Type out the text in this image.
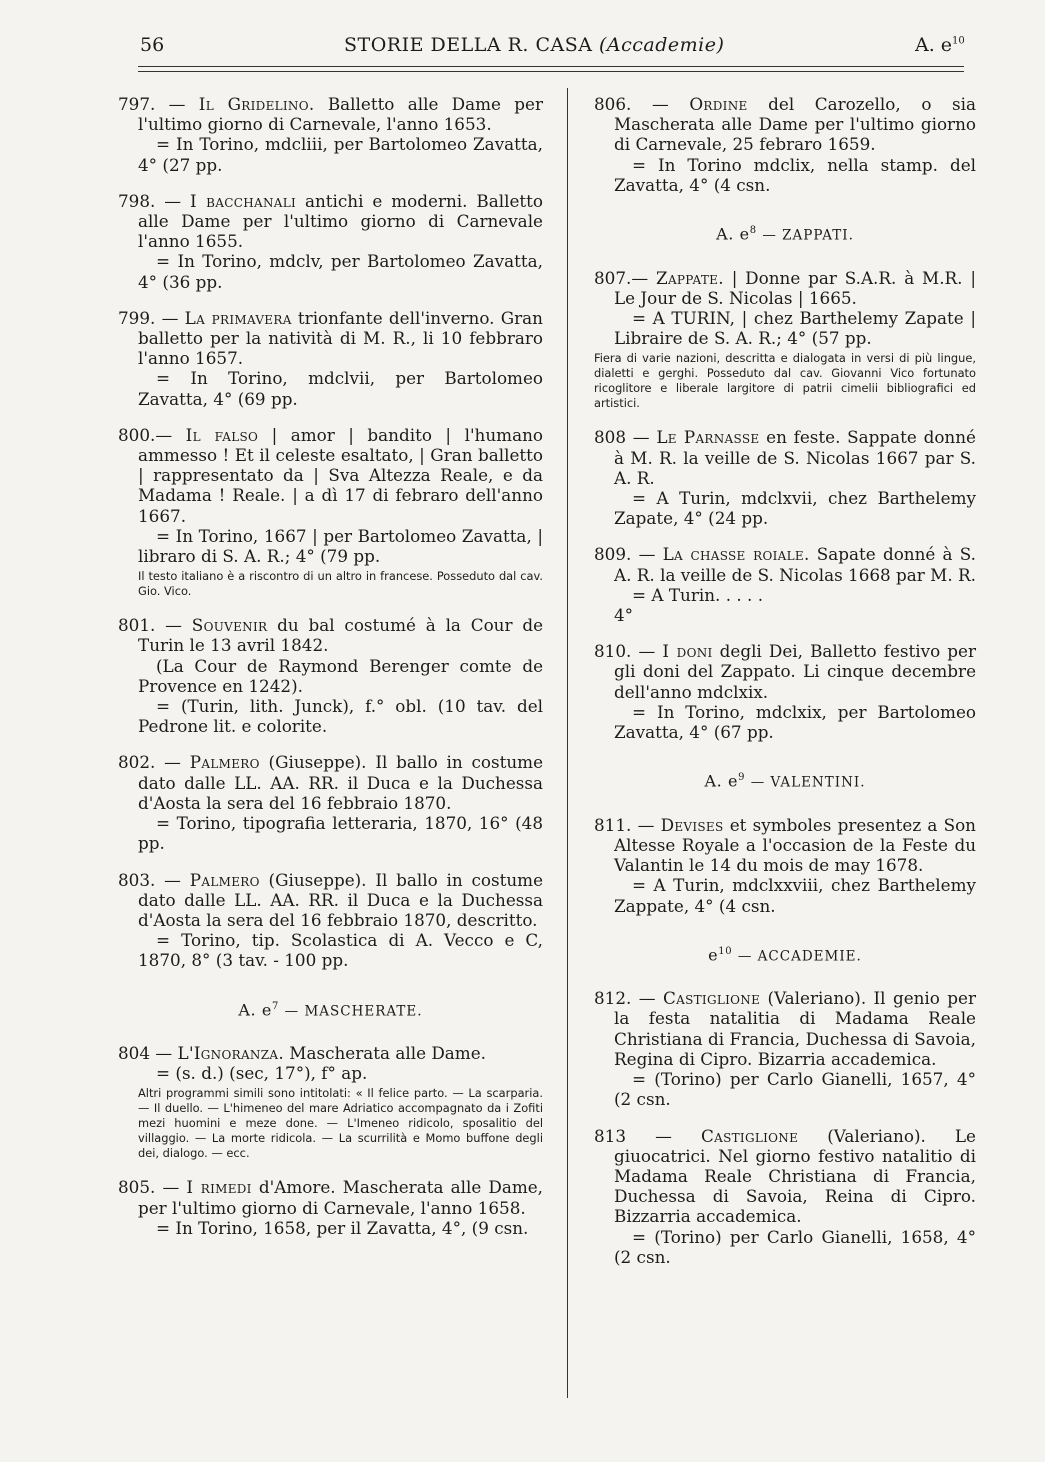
56	STORIE DELLA R. CASA (Accademie)	A. $e^{10}$
797. — Il Gridelino. Balletto alle Dame per l'ultimo giorno di Carnevale, l'anno 1653.
= In Torino, mdcliii, per Bartolomeo Zavatta, 4° (27 pp.
798. — I bacchanali antichi e moderni. Balletto alle Dame per l'ultimo giorno di Carnevale l'anno 1655.
= In Torino, mdclv, per Bartolomeo Zavatta, 4° (36 pp.
799. — La primavera trionfante dell'inverno. Gran balletto per la natività di M. R., li 10 febbraro l'anno 1657.
= In Torino, mdclvii, per Bartolomeo Zavatta, 4° (69 pp.
800.— Il falso | amor | bandito | l'humano ammesso ! Et il celeste esaltato, | Gran balletto | rappresentato da | Sva Altezza Reale, e da Madama ! Reale. | a dì 17 di febraro dell'anno 1667.
= In Torino, 1667 | per Bartolomeo Zavatta, | libraro di S. A. R.; 4° (79 pp.
Il testo italiano è a riscontro di un altro in francese. Posseduto dal cav. Gio. Vico.
801. — Souvenir du bal costumé à la Cour de Turin le 13 avril 1842.
(La Cour de Raymond Berenger comte de Provence en 1242).
= (Turin, lith. Junck), f.° obl. (10 tav. del Pedrone lit. e colorite.
802. — Palmero (Giuseppe). Il ballo in costume dato dalle LL. AA. RR. il Duca e la Duchessa d'Aosta la sera del 16 febbraio 1870.
= Torino, tipografia letteraria, 1870, 16° (48 pp.
803. — Palmero (Giuseppe). Il ballo in costume dato dalle LL. AA. RR. il Duca e la Duchessa d'Aosta la sera del 16 febbraio 1870, descritto.
= Torino, tip. Scolastica di A. Vecco e C, 1870, 8° (3 tav. - 100 pp.
A. $e^7$ — MASCHERATE.
804 — L'Ignoranza. Mascherata alle Dame.
= (s. d.) (sec, 17°), f° ap.
Altri programmi simili sono intitolati: « Il felice parto. — La scarparia. — Il duello. — L'himeneo del mare Adriatico accompagnato da i Zofiti mezi huomini e meze done. — L'Imeneo ridicolo, sposalitio del villaggio. — La morte ridicola. — La scurrilità e Momo buffone degli dei, dialogo. — ecc.
805. — I rimedi d'Amore. Mascherata alle Dame, per l'ultimo giorno di Carnevale, l'anno 1658.
= In Torino, 1658, per il Zavatta, 4°, (9 csn.
806. — Ordine del Carozello, o sia Mascherata alle Dame per l'ultimo giorno di Carnevale, 25 febraro 1659.
= In Torino mdclix, nella stamp. del Zavatta, 4° (4 csn.
A. $e^8$ — ZAPPATI.
807.— Zappate. | Donne par S.A.R. à M.R. | Le Jour de S. Nicolas | 1665.
= A TURIN, | chez Barthelemy Zapate | Libraire de S. A. R.; 4° (57 pp.
Fiera di varie nazioni, descritta e dialogata in versi di più lingue, dialetti e gerghi. Posseduto dal cav. Giovanni Vico fortunato ricoglitore e liberale largitore di patrii cimelii bibliografici ed artistici.
808 — Le Parnasse en feste. Sappate donné à M. R. la veille de S. Nicolas 1667 par S. A. R.
= A Turin, mdclxvii, chez Barthelemy Zapate, 4° (24 pp.
809. — La chasse roiale. Sapate donné à S. A. R. la veille de S. Nicolas 1668 par M. R.
= A Turin. . . . .
4°
810. — I doni degli Dei, Balletto festivo per gli doni del Zappato. Li cinque decembre dell'anno mdclxix.
= In Torino, mdclxix, per Bartolomeo Zavatta, 4° (67 pp.
A. $e^9$ — VALENTINI.
811. — Devises et symboles presentez a Son Altesse Royale a l'occasion de la Feste du Valantin le 14 du mois de may 1678.
= A Turin, mdclxxviii, chez Barthelemy Zappate, 4° (4 csn.
$e^{10}$ — ACCADEMIE.
812. — Castiglione (Valeriano). Il genio per la festa natalitia di Madama Reale Christiana di Francia, Duchessa di Savoia, Regina di Cipro. Bizarria accademica.
= (Torino) per Carlo Gianelli, 1657, 4° (2 csn.
813 — Castiglione (Valeriano). Le giuocatrici. Nel giorno festivo natalitio di Madama Reale Christiana di Francia, Duchessa di Savoia, Reina di Cipro. Bizzarria accademica.
= (Torino) per Carlo Gianelli, 1658, 4° (2 csn.
